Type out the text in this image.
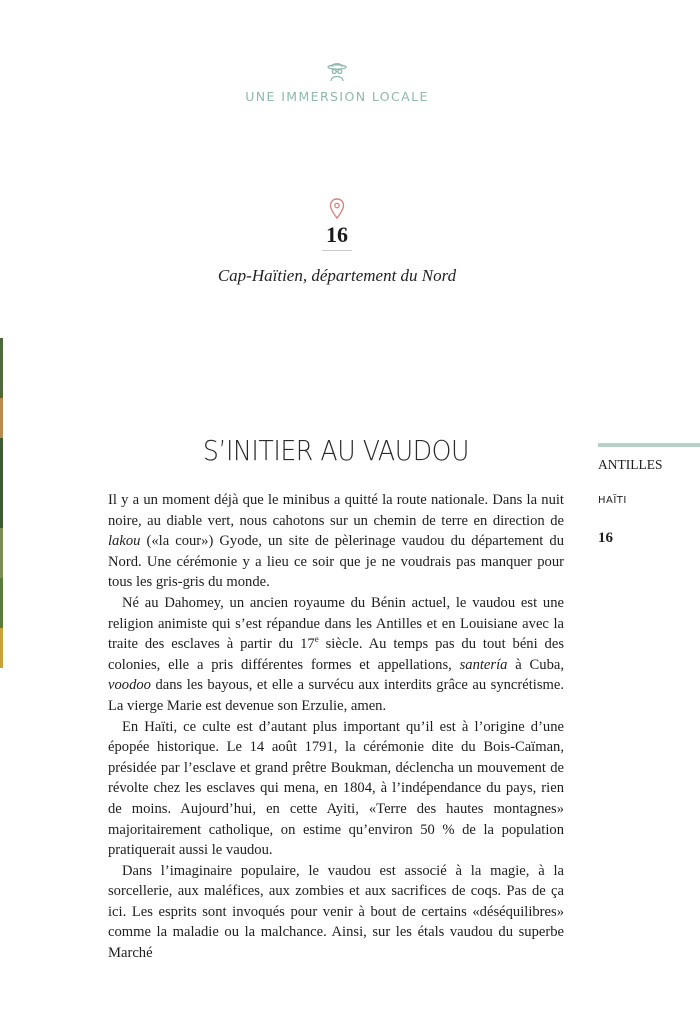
UNE IMMERSION LOCALE
16
Cap-Haïtien, département du Nord
S’INITIER AU VAUDOU

Il y a un moment déjà que le minibus a quitté la route nationale. Dans la nuit noire, au diable vert, nous cahotons sur un chemin de terre en direction de lakou («la cour») Gyode, un site de pèlerinage vaudou du département du Nord. Une cérémonie y a lieu ce soir que je ne voudrais pas manquer pour tous les gris-gris du monde.

Né au Dahomey, un ancien royaume du Bénin actuel, le vaudou est une religion animiste qui s’est répandue dans les Antilles et en Louisiane avec la traite des esclaves à partir du 17e siècle. Au temps pas du tout béni des colonies, elle a pris différentes formes et appellations, santería à Cuba, voodoo dans les bayous, et elle a survécu aux interdits grâce au syncrétisme. La vierge Marie est devenue son Erzulie, amen.

En Haïti, ce culte est d’autant plus important qu’il est à l’origine d’une épopée historique. Le 14 août 1791, la cérémonie dite du Bois-Caïman, présidée par l’esclave et grand prêtre Boukman, déclencha un mouvement de révolte chez les esclaves qui mena, en 1804, à l’indépendance du pays, rien de moins. Aujourd’hui, en cette Ayiti, «Terre des hautes montagnes» majoritairement catholique, on estime qu’environ 50 % de la population pratiquerait aussi le vaudou.

Dans l’imaginaire populaire, le vaudou est associé à la magie, à la sorcellerie, aux maléfices, aux zombies et aux sacrifices de coqs. Pas de ça ici. Les esprits sont invoqués pour venir à bout de certains «déséquilibres» comme la maladie ou la malchance. Ainsi, sur les étals vaudou du superbe Marché

ANTILLES
HAÏTI
16
